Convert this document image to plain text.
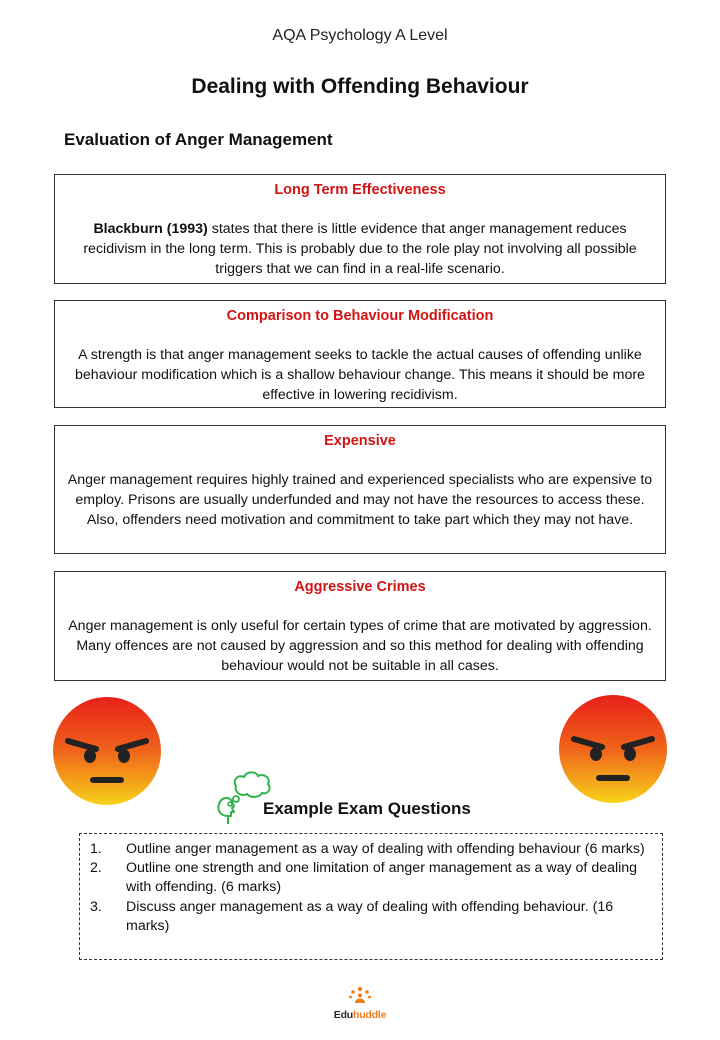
AQA Psychology A Level
Dealing with Offending Behaviour
Evaluation of Anger Management
Long Term Effectiveness

Blackburn (1993) states that there is little evidence that anger management reduces recidivism in the long term. This is probably due to the role play not involving all possible triggers that we can find in a real-life scenario.

Comparison to Behaviour Modification

A strength is that anger management seeks to tackle the actual causes of offending unlike behaviour modification which is a shallow behaviour change. This means it should be more effective in lowering recidivism.

Expensive

Anger management requires highly trained and experienced specialists who are expensive to employ. Prisons are usually underfunded and may not have the resources to access these. Also, offenders need motivation and commitment to take part which they may not have.

Aggressive Crimes

Anger management is only useful for certain types of crime that are motivated by aggression. Many offences are not caused by aggression and so this method for dealing with offending behaviour would not be suitable in all cases.

Example Exam Questions
1.	Outline anger management as a way of dealing with offending behaviour (6 marks)
2.	Outline one strength and one limitation of anger management as a way of dealing with offending. (6 marks)
3.	Discuss anger management as a way of dealing with offending behaviour. (16 marks)
Eduhuddle
